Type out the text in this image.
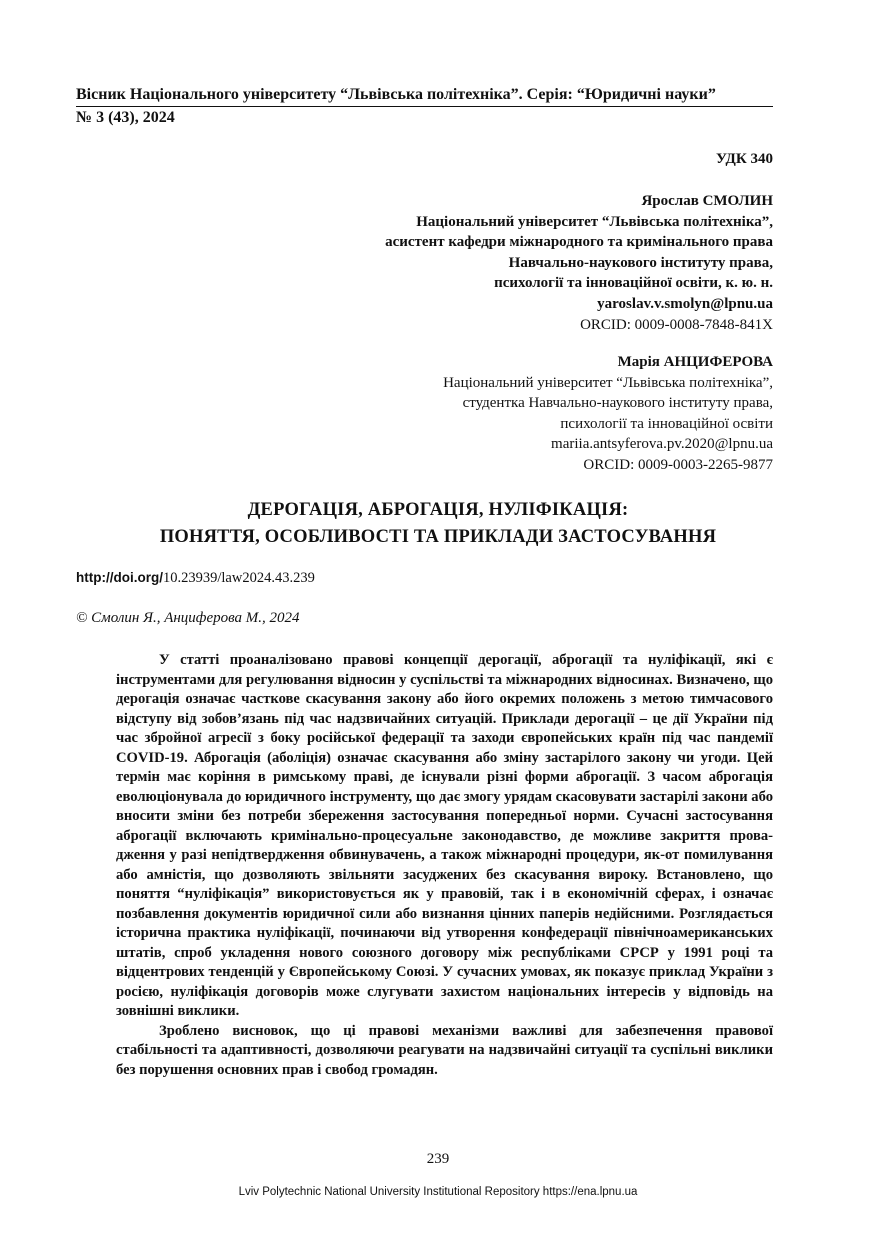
Вісник Національного університету “Львівська політехніка”. Серія: “Юридичні науки”
№ 3 (43), 2024
УДК 340
Ярослав СМОЛИН
Національний університет “Львівська політехніка”,
асистент кафедри міжнародного та кримінального права
Навчально-наукового інституту права,
психології та інноваційної освіти, к. ю. н.
yaroslav.v.smolyn@lpnu.ua
ORCID: 0009-0008-7848-841X
Марія АНЦИФЕРОВА
Національний університет “Львівська політехніка”,
студентка Навчально-наукового інституту права,
психології та інноваційної освіти
mariia.antsyferova.pv.2020@lpnu.ua
ORCID: 0009-0003-2265-9877
ДЕРОГАЦІЯ, АБРОГАЦІЯ, НУЛІФІКАЦІЯ:
ПОНЯТТЯ, ОСОБЛИВОСТІ ТА ПРИКЛАДИ ЗАСТОСУВАННЯ
http://doi.org/10.23939/law2024.43.239
© Смолин Я., Анциферова М., 2024

У статті проаналізовано правові концепції дерогації, аброгації та нуліфікації, які є інструментами для регулювання відносин у суспільстві та міжнародних відносинах. Визначено, що дерогація означає часткове скасування закону або його окремих положень з метою тимчасового відступу від зобов’язань під час надзвичайних ситуацій. Приклади дерогації – це дії України під час збройної агресії з боку російської федерації та заходи європейських країн під час пандемії COVID-19. Аброгація (аболіція) означає скасування або зміну застарілого закону чи угоди. Цей термін має коріння в римському праві, де існували різні форми аброгації. З часом аброгація еволюціонувала до юридичного інструменту, що дає змогу урядам скасовувати застарілі закони або вносити зміни без потреби збереження застосування попередньої норми. Сучасні застосування аброгації включають кримінально-процесуальне законодавство, де можливе закриття провадження у разі непідтвердження обвинувачень, а також міжнародні процедури, як-от помилування або амністія, що дозволяють звільняти засуджених без скасування вироку. Встановлено, що поняття “нуліфікація” використовується як у правовій, так і в економічній сферах, і означає позбавлення документів юридичної сили або визнання цінних паперів недійсними. Розглядається історична практика нуліфікації, починаючи від утворення конфедерації північноамериканських штатів, спроб укладення нового союзного договору між республіками СРСР у 1991 році та відцентрових тенденцій у Європейському Союзі. У сучасних умовах, як показує приклад України з росією, нуліфікація договорів може слугувати захистом національних інтересів у відповідь на зовнішні виклики.

Зроблено висновок, що ці правові механізми важливі для забезпечення правової стабільності та адаптивності, дозволяючи реагувати на надзвичайні ситуації та суспільні виклики без порушення основних прав і свобод громадян.

239
Lviv Polytechnic National University Institutional Repository https://ena.lpnu.ua
